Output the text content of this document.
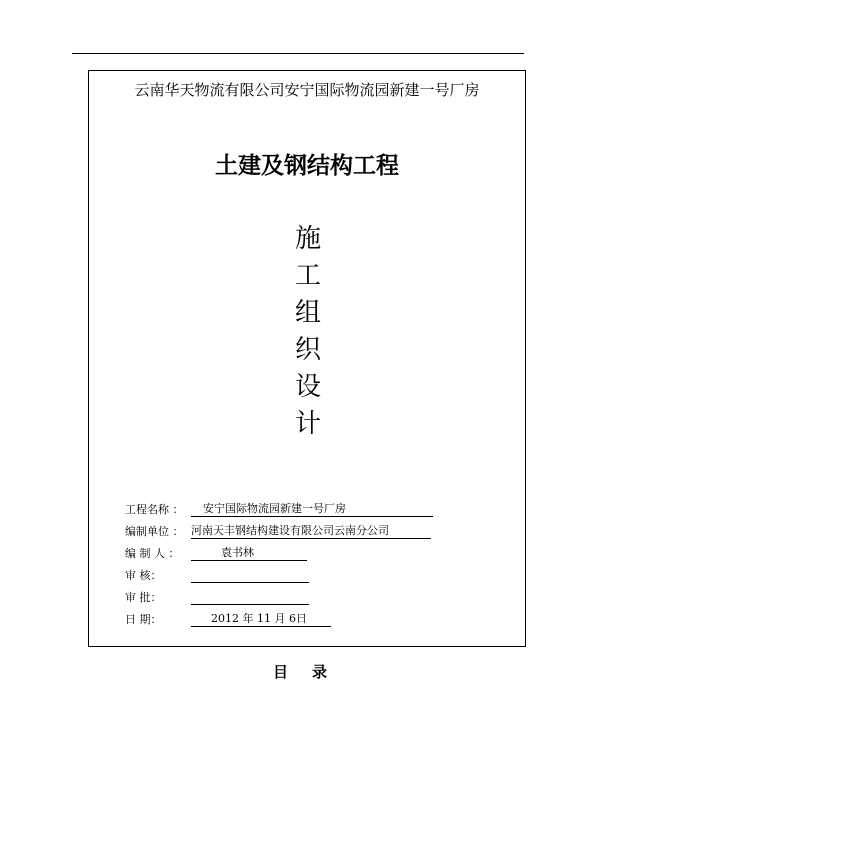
云南华天物流有限公司安宁国际物流园新建一号厂房
土建及钢结构工程
施
工
组
织
设
计
工程名称 ： 安宁国际物流园新建一号厂房
编制单位 ： 河南天丰钢结构建设有限公司云南分公司
编 制 人 ：	袁书林
审 核：
审 批：
日 期：	2012 年 11 月 6日
目 录
